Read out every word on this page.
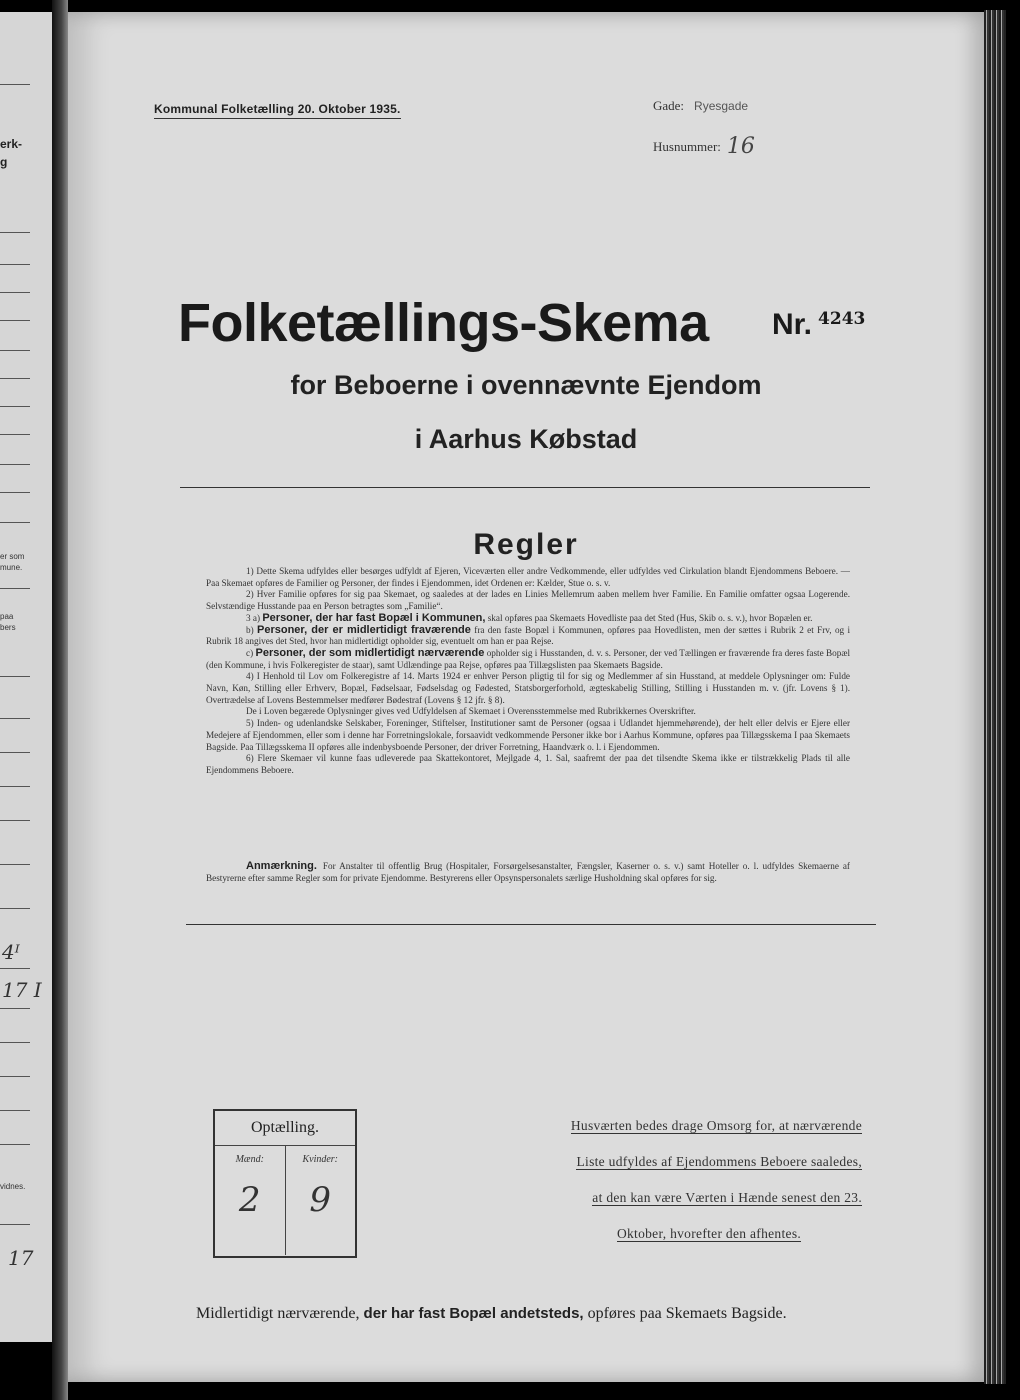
erk-
g
er som
mune.
paa
bers
4ᴵ
17 I
vidnes.
17
Kommunal Folketælling 20. Oktober 1935.	Gade: Ryesgade
Husnummer: 16
Folketællings-Skema Nr. $^{4243}$
for Beboerne i ovennævnte Ejendom
i Aarhus Købstad
Regler

1) Dette Skema udfyldes eller besørges udfyldt af Ejeren, Viceværten eller andre Vedkommende, eller udfyldes ved Cirkulation blandt Ejendommens Beboere. — Paa Skemaet opføres de Familier og Personer, der findes i Ejendommen, idet Ordenen er: Kælder, Stue o. s. v.

2) Hver Familie opføres for sig paa Skemaet, og saaledes at der lades en Linies Mellemrum aaben mellem hver Familie. En Familie omfatter ogsaa Logerende. Selvstændige Husstande paa en Person betragtes som „Familie“.

3 a) Personer, der har fast Bopæl i Kommunen, skal opføres paa Skemaets Hovedliste paa det Sted (Hus, Skib o. s. v.), hvor Bopælen er.

b) Personer, der er midlertidigt fraværende fra den faste Bopæl i Kommunen, opføres paa Hovedlisten, men der sættes i Rubrik 2 et Frv, og i Rubrik 18 angives det Sted, hvor han midlertidigt opholder sig, eventuelt om han er paa Rejse.

c) Personer, der som midlertidigt nærværende opholder sig i Husstanden, d. v. s. Personer, der ved Tællingen er fraværende fra deres faste Bopæl (den Kommune, i hvis Folkeregister de staar), samt Udlændinge paa Rejse, opføres paa Tillægslisten paa Skemaets Bagside.

4) I Henhold til Lov om Folkeregistre af 14. Marts 1924 er enhver Person pligtig til for sig og Medlemmer af sin Husstand, at meddele Oplysninger om: Fulde Navn, Køn, Stilling eller Erhverv, Bopæl, Fødselsaar, Fødselsdag og Fødested, Statsborgerforhold, ægteskabelig Stilling, Stilling i Husstanden m. v. (jfr. Lovens § 1). Overtrædelse af Lovens Bestemmelser medfører Bødestraf (Lovens § 12 jfr. § 8).

De i Loven begærede Oplysninger gives ved Udfyldelsen af Skemaet i Overensstemmelse med Rubrikkernes Overskrifter.

5) Inden- og udenlandske Selskaber, Foreninger, Stiftelser, Institutioner samt de Personer (ogsaa i Udlandet hjemmehørende), der helt eller delvis er Ejere eller Medejere af Ejendommen, eller som i denne har Forretningslokale, forsaavidt vedkommende Personer ikke bor i Aarhus Kommune, opføres paa Tillægsskema I paa Skemaets Bagside. Paa Tillægsskema II opføres alle indenbysboende Personer, der driver Forretning, Haandværk o. l. i Ejendommen.

6) Flere Skemaer vil kunne faas udleverede paa Skattekontoret, Mejlgade 4, 1. Sal, saafremt der paa det tilsendte Skema ikke er tilstrækkelig Plads til alle Ejendommens Beboere.

Anmærkning. For Anstalter til offentlig Brug (Hospitaler, Forsørgelsesanstalter, Fængsler, Kaserner o. s. v.) samt Hoteller o. l. udfyldes Skemaerne af Bestyrerne efter samme Regler som for private Ejendomme. Bestyrerens eller Opsynspersonalets særlige Husholdning skal opføres for sig.
Optælling.
Mænd:
2
Kvinder:
9
Husværten bedes drage Omsorg for, at nærværende
Liste udfyldes af Ejendommens Beboere saaledes,
at den kan være Værten i Hænde senest den 23.
Oktober, hvorefter den afhentes.
Midlertidigt nærværende, der har fast Bopæl andetsteds, opføres paa Skemaets Bagside.
